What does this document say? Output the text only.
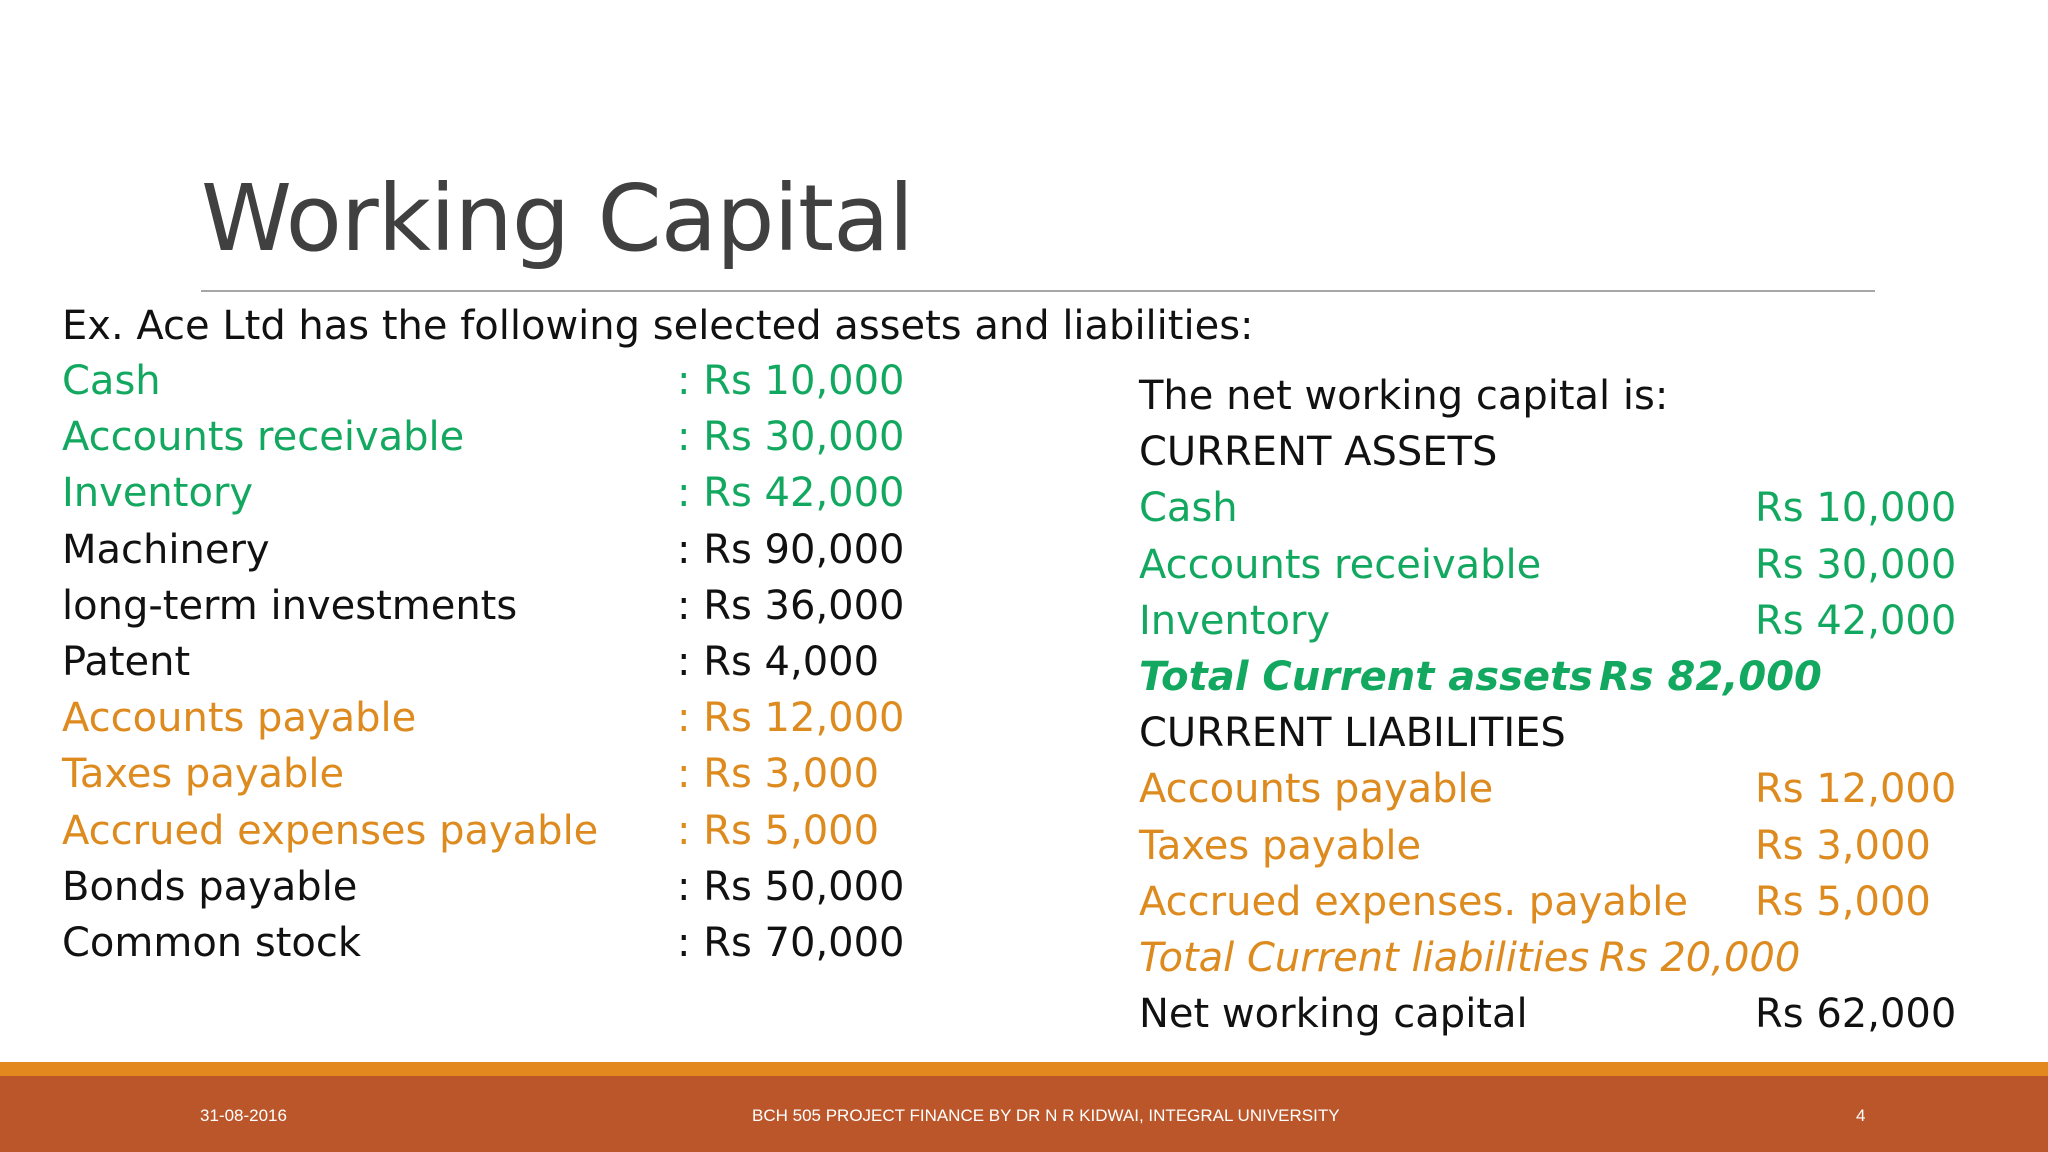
Working Capital
Ex. Ace Ltd has the following selected assets and liabilities:
Cash	: Rs 10,000
Accounts receivable	: Rs 30,000
Inventory	: Rs 42,000
Machinery	: Rs 90,000
long-term investments	: Rs 36,000
Patent	: Rs 4,000
Accounts payable	: Rs 12,000
Taxes payable	: Rs 3,000
Accrued expenses payable	: Rs 5,000
Bonds payable	: Rs 50,000
Common stock	: Rs 70,000
The net working capital is:
CURRENT ASSETS
Cash	Rs 10,000
Accounts receivable	Rs 30,000
Inventory	Rs 42,000
Total Current assets Rs 82,000
CURRENT LIABILITIES
Accounts payable	Rs 12,000
Taxes payable	Rs 3,000
Accrued expenses. payable Rs 5,000
Total Current liabilities Rs 20,000
Net working capital	Rs 62,000
31-08-2016	BCH 505 PROJECT FINANCE BY DR N R KIDWAI, INTEGRAL UNIVERSITY	4
